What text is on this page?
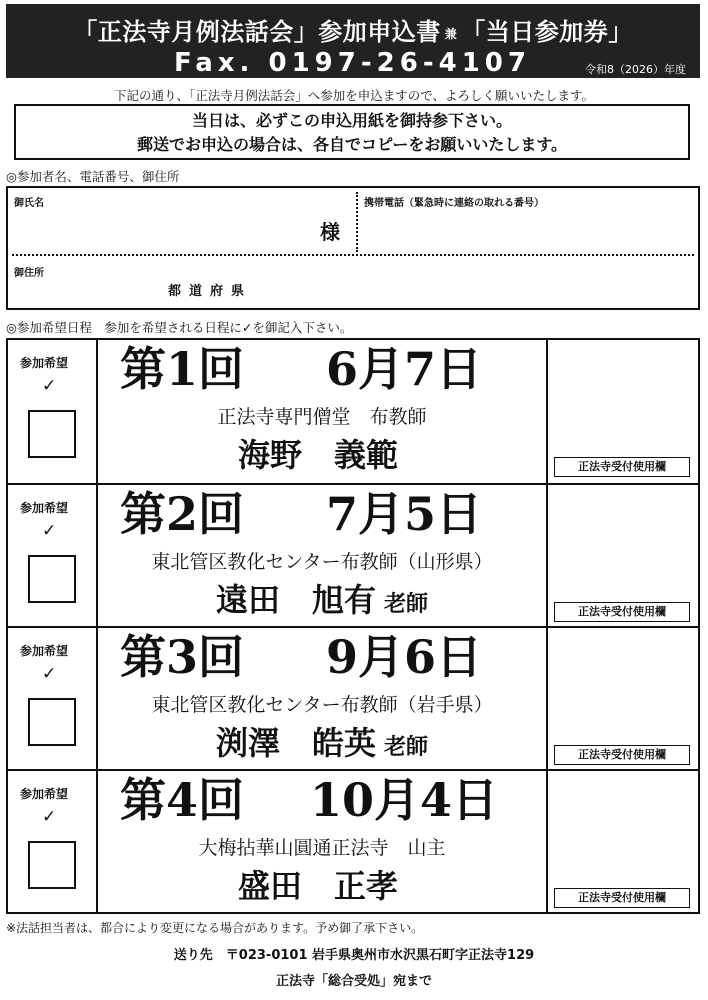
「正法寺月例法話会」参加申込書 兼 「当日参加券」
Fax. 0197-26-4107	令和8（2026）年度
下記の通り、「正法寺月例法話会」へ参加を申込ますので、よろしく願いいたします。
当日は、必ずこの申込用紙を御持参下さい。
郵送でお申込の場合は、各自でコピーをお願いいたします。
◎参加者名、電話番号、御住所
御氏名
様
携帯電話（緊急時に連絡の取れる番号）
御住所
都道府県
◎参加希望日程　参加を希望される日程に✓を御記入下さい。
参加希望
✓ 第1回 6月7日
正法寺専門僧堂　布教師
海野　義範	正法寺受付使用欄
参加希望
✓ 第2回 7月5日
東北管区教化センター布教師（山形県）
遠田　旭有 老師	正法寺受付使用欄
参加希望
✓ 第3回 9月6日
東北管区教化センター布教師（岩手県）
渕澤　皓英 老師	正法寺受付使用欄
参加希望
✓ 第4回 10月4日
大梅拈華山圓通正法寺　山主
盛田　正孝	正法寺受付使用欄
※法話担当者は、都合により変更になる場合があります。予め御了承下さい。
送り先　〒023-0101 岩手県奥州市水沢黒石町字正法寺129
正法寺「総合受処」宛まで
